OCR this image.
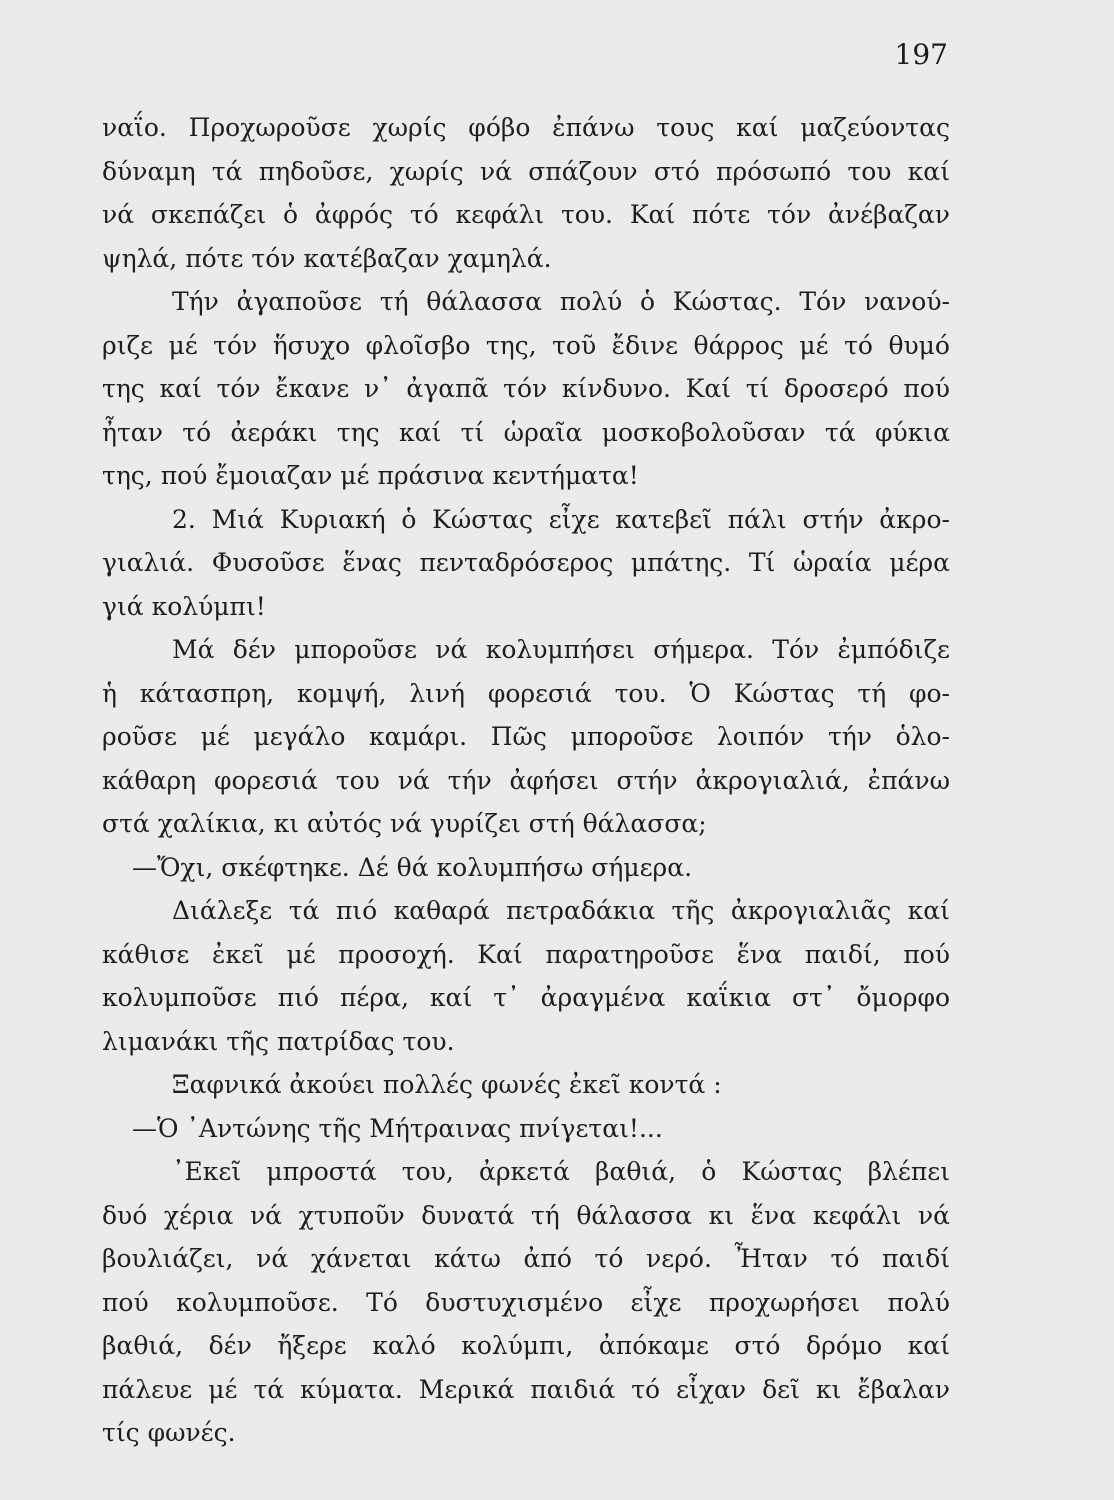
197
ναΐο. Προχωροῦσε χωρίς φόβο ἐπάνω τους καί μαζεύοντας
δύναμη τά πηδοῦσε, χωρίς νά σπάζουν στό πρόσωπό του καί
νά σκεπάζει ὁ ἀφρός τό κεφάλι του. Καί πότε τόν ἀνέβαζαν
ψηλά, πότε τόν κατέβαζαν χαμηλά.
Τήν ἀγαποῦσε τή θάλασσα πολύ ὁ Κώστας. Τόν νανού-
ριζε μέ τόν ἥσυχο φλοῖσβο της, τοῦ ἔδινε θάρρος μέ τό θυμό
της καί τόν ἔκανε ν᾿ ἀγαπᾶ τόν κίνδυνο. Καί τί δροσερό πού
ἦταν τό ἀεράκι της καί τί ὡραῖα μοσκοβολοῦσαν τά φύκια
της, πού ἔμοιαζαν μέ πράσινα κεντήματα!
2. Μιά Κυριακή ὁ Κώστας εἶχε κατεβεῖ πάλι στήν ἀκρο-
γιαλιά. Φυσοῦσε ἕνας πενταδρόσερος μπάτης. Τί ὡραία μέρα
γιά κολύμπι!
Μά δέν μποροῦσε νά κολυμπήσει σήμερα. Τόν ἐμπόδιζε
ἡ κάτασπρη, κομψή, λινή φορεσιά του. Ὁ Κώστας τή φο-
ροῦσε μέ μεγάλο καμάρι. Πῶς μποροῦσε λοιπόν τήν ὁλο-
κάθαρη φορεσιά του νά τήν ἀφήσει στήν ἀκρογιαλιά, ἐπάνω
στά χαλίκια, κι αὐτός νά γυρίζει στή θάλασσα;
—Ὄχι, σκέφτηκε. Δέ θά κολυμπήσω σήμερα.
Διάλεξε τά πιό καθαρά πετραδάκια τῆς ἀκρογιαλιᾶς καί
κάθισε ἐκεῖ μέ προσοχή. Καί παρατηροῦσε ἕνα παιδί, πού
κολυμποῦσε πιό πέρα, καί τ᾿ ἀραγμένα καΐκια στ᾿ ὄμορφο
λιμανάκι τῆς πατρίδας του.
Ξαφνικά ἀκούει πολλές φωνές ἐκεῖ κοντά :
—Ὁ ᾿Αντώνης τῆς Μήτραινας πνίγεται!...
᾿Εκεῖ μπροστά του, ἀρκετά βαθιά, ὁ Κώστας βλέπει
δυό χέρια νά χτυποῦν δυνατά τή θάλασσα κι ἕνα κεφάλι νά
βουλιάζει, νά χάνεται κάτω ἀπό τό νερό. Ἦταν τό παιδί
πού κολυμποῦσε. Τό δυστυχισμένο εἶχε προχωρήσει πολύ
βαθιά, δέν ἤξερε καλό κολύμπι, ἀπόκαμε στό δρόμο καί
πάλευε μέ τά κύματα. Μερικά παιδιά τό εἶχαν δεῖ κι ἔβαλαν
τίς φωνές.
